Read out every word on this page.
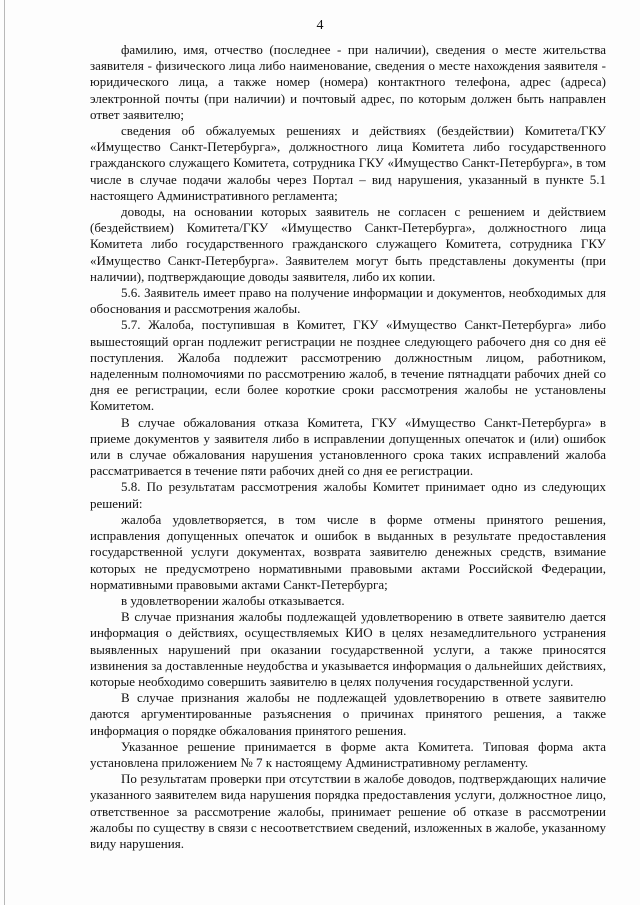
4

фамилию, имя, отчество (последнее - при наличии), сведения о месте жительства заявителя - физического лица либо наименование, сведения о месте нахождения заявителя - юридического лица, а также номер (номера) контактного телефона, адрес (адреса) электронной почты (при наличии) и почтовый адрес, по которым должен быть направлен ответ заявителю;

сведения об обжалуемых решениях и действиях (бездействии) Комитета/ГКУ «Имущество Санкт-Петербурга», должностного лица Комитета либо государственного гражданского служащего Комитета, сотрудника ГКУ «Имущество Санкт-Петербурга», в том числе в случае подачи жалобы через Портал – вид нарушения, указанный в пункте 5.1 настоящего Административного регламента;

доводы, на основании которых заявитель не согласен с решением и действием (бездействием) Комитета/ГКУ «Имущество Санкт-Петербурга», должностного лица Комитета либо государственного гражданского служащего Комитета, сотрудника ГКУ «Имущество Санкт-Петербурга». Заявителем могут быть представлены документы (при наличии), подтверждающие доводы заявителя, либо их копии.

5.6. Заявитель имеет право на получение информации и документов, необходимых для обоснования и рассмотрения жалобы.

5.7. Жалоба, поступившая в Комитет, ГКУ «Имущество Санкт-Петербурга» либо вышестоящий орган подлежит регистрации не позднее следующего рабочего дня со дня её поступления. Жалоба подлежит рассмотрению должностным лицом, работником, наделенным полномочиями по рассмотрению жалоб, в течение пятнадцати рабочих дней со дня ее регистрации, если более короткие сроки рассмотрения жалобы не установлены Комитетом.

В случае обжалования отказа Комитета, ГКУ «Имущество Санкт-Петербурга» в приеме документов у заявителя либо в исправлении допущенных опечаток и (или) ошибок или в случае обжалования нарушения установленного срока таких исправлений жалоба рассматривается в течение пяти рабочих дней со дня ее регистрации.

5.8. По результатам рассмотрения жалобы Комитет принимает одно из следующих решений:

жалоба удовлетворяется, в том числе в форме отмены принятого решения, исправления допущенных опечаток и ошибок в выданных в результате предоставления государственной услуги документах, возврата заявителю денежных средств, взимание которых не предусмотрено нормативными правовыми актами Российской Федерации, нормативными правовыми актами Санкт-Петербурга;

в удовлетворении жалобы отказывается.

В случае признания жалобы подлежащей удовлетворению в ответе заявителю дается информация о действиях, осуществляемых КИО в целях незамедлительного устранения выявленных нарушений при оказании государственной услуги, а также приносятся извинения за доставленные неудобства и указывается информация о дальнейших действиях, которые необходимо совершить заявителю в целях получения государственной услуги.

В случае признания жалобы не подлежащей удовлетворению в ответе заявителю даются аргументированные разъяснения о причинах принятого решения, а также информация о порядке обжалования принятого решения.

Указанное решение принимается в форме акта Комитета. Типовая форма акта установлена приложением № 7 к настоящему Административному регламенту.

По результатам проверки при отсутствии в жалобе доводов, подтверждающих наличие указанного заявителем вида нарушения порядка предоставления услуги, должностное лицо, ответственное за рассмотрение жалобы, принимает решение об отказе в рассмотрении жалобы по существу в связи с несоответствием сведений, изложенных в жалобе, указанному виду нарушения.
